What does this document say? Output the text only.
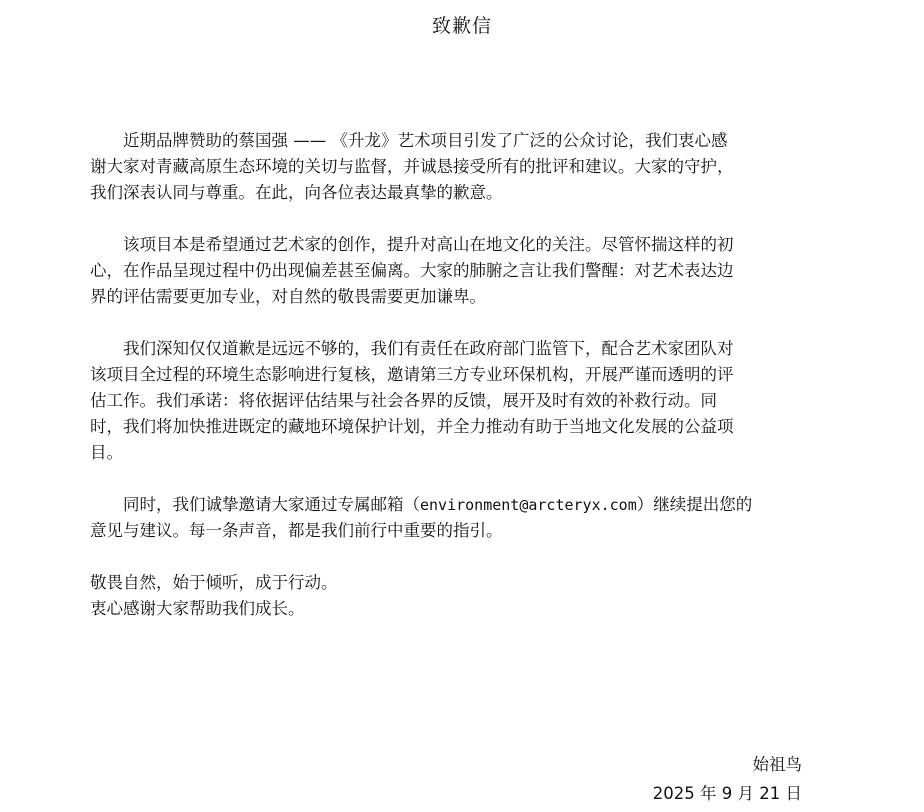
致歉信

近期品牌赞助的蔡国强 —— 《升龙》艺术项目引发了广泛的公众讨论，我们衷心感
谢大家对青藏高原生态环境的关切与监督，并诚恳接受所有的批评和建议。大家的守护，
我们深表认同与尊重。在此，向各位表达最真挚的歉意。

该项目本是希望通过艺术家的创作，提升对高山在地文化的关注。尽管怀揣这样的初
心，在作品呈现过程中仍出现偏差甚至偏离。大家的肺腑之言让我们警醒：对艺术表达边
界的评估需要更加专业，对自然的敬畏需要更加谦卑。

我们深知仅仅道歉是远远不够的，我们有责任在政府部门监管下，配合艺术家团队对
该项目全过程的环境生态影响进行复核，邀请第三方专业环保机构，开展严谨而透明的评
估工作。我们承诺：将依据评估结果与社会各界的反馈，展开及时有效的补救行动。同
时，我们将加快推进既定的藏地环境保护计划，并全力推动有助于当地文化发展的公益项
目。

同时，我们诚挚邀请大家通过专属邮箱（environment@arcteryx.com）继续提出您的
意见与建议。每一条声音，都是我们前行中重要的指引。

敬畏自然，始于倾听，成于行动。
衷心感谢大家帮助我们成长。

始祖鸟
2025 年 9 月 21 日
